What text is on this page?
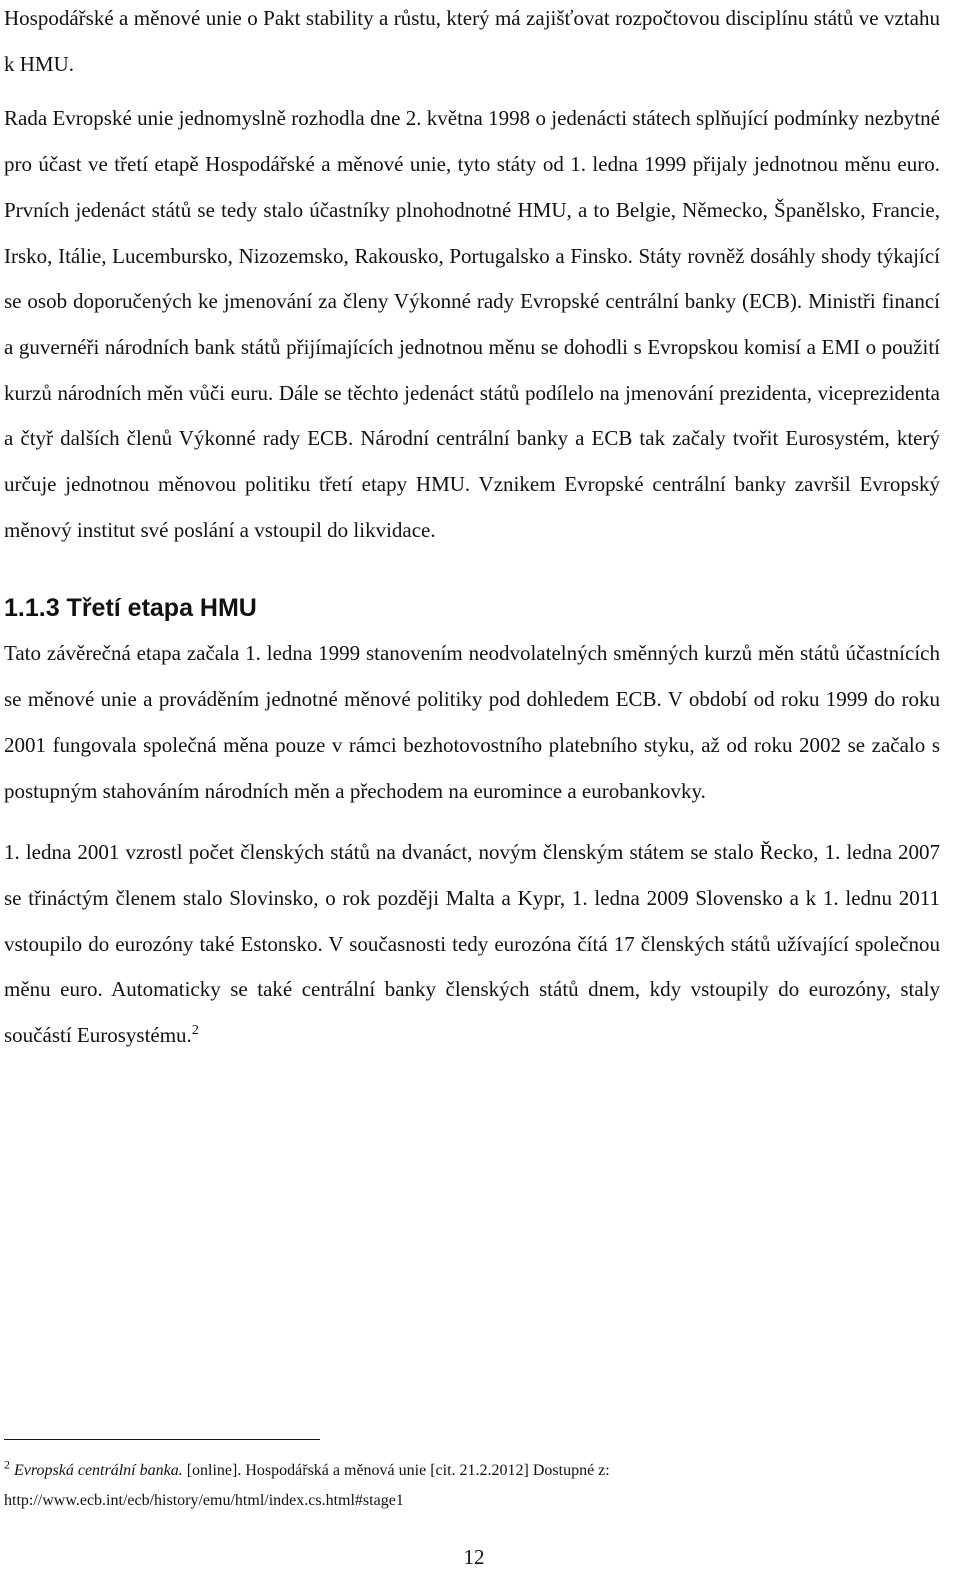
Hospodářské a měnové unie o Pakt stability a růstu, který má zajišťovat rozpočtovou disciplínu států ve vztahu k HMU.

Rada Evropské unie jednomyslně rozhodla dne 2. května 1998 o jedenácti státech splňující podmínky nezbytné pro účast ve třetí etapě Hospodářské a měnové unie, tyto státy od 1. ledna 1999 přijaly jednotnou měnu euro. Prvních jedenáct států se tedy stalo účastníky plnohodnotné HMU, a to Belgie, Německo, Španělsko, Francie, Irsko, Itálie, Lucembursko, Nizozemsko, Rakousko, Portugalsko a Finsko. Státy rovněž dosáhly shody týkající se osob doporučených ke jmenování za členy Výkonné rady Evropské centrální banky (ECB). Ministři financí a guvernéři národních bank států přijímajících jednotnou měnu se dohodli s Evropskou komisí a EMI o použití kurzů národních měn vůči euru. Dále se těchto jedenáct států podílelo na jmenování prezidenta, viceprezidenta a čtyř dalších členů Výkonné rady ECB. Národní centrální banky a ECB tak začaly tvořit Eurosystém, který určuje jednotnou měnovou politiku třetí etapy HMU. Vznikem Evropské centrální banky završil Evropský měnový institut své poslání a vstoupil do likvidace.

1.1.3 Třetí etapa HMU

Tato závěrečná etapa začala 1. ledna 1999 stanovením neodvolatelných směnných kurzů měn států účastnících se měnové unie a prováděním jednotné měnové politiky pod dohledem ECB. V období od roku 1999 do roku 2001 fungovala společná měna pouze v rámci bezhotovostního platebního styku, až od roku 2002 se začalo s postupným stahováním národních měn a přechodem na euromince a eurobankovky.

1. ledna 2001 vzrostl počet členských států na dvanáct, novým členským státem se stalo Řecko, 1. ledna 2007 se třináctým členem stalo Slovinsko, o rok později Malta a Kypr, 1. ledna 2009 Slovensko a k 1. lednu 2011 vstoupilo do eurozóny také Estonsko. V současnosti tedy eurozóna čítá 17 členských států užívající společnou měnu euro. Automaticky se také centrální banky členských států dnem, kdy vstoupily do eurozóny, staly součástí Eurosystému.$^2$

$^2$ Evropská centrální banka. [online]. Hospodářská a měnová unie [cit. 21.2.2012] Dostupné z:
http://www.ecb.int/ecb/history/emu/html/index.cs.html#stage1

12
